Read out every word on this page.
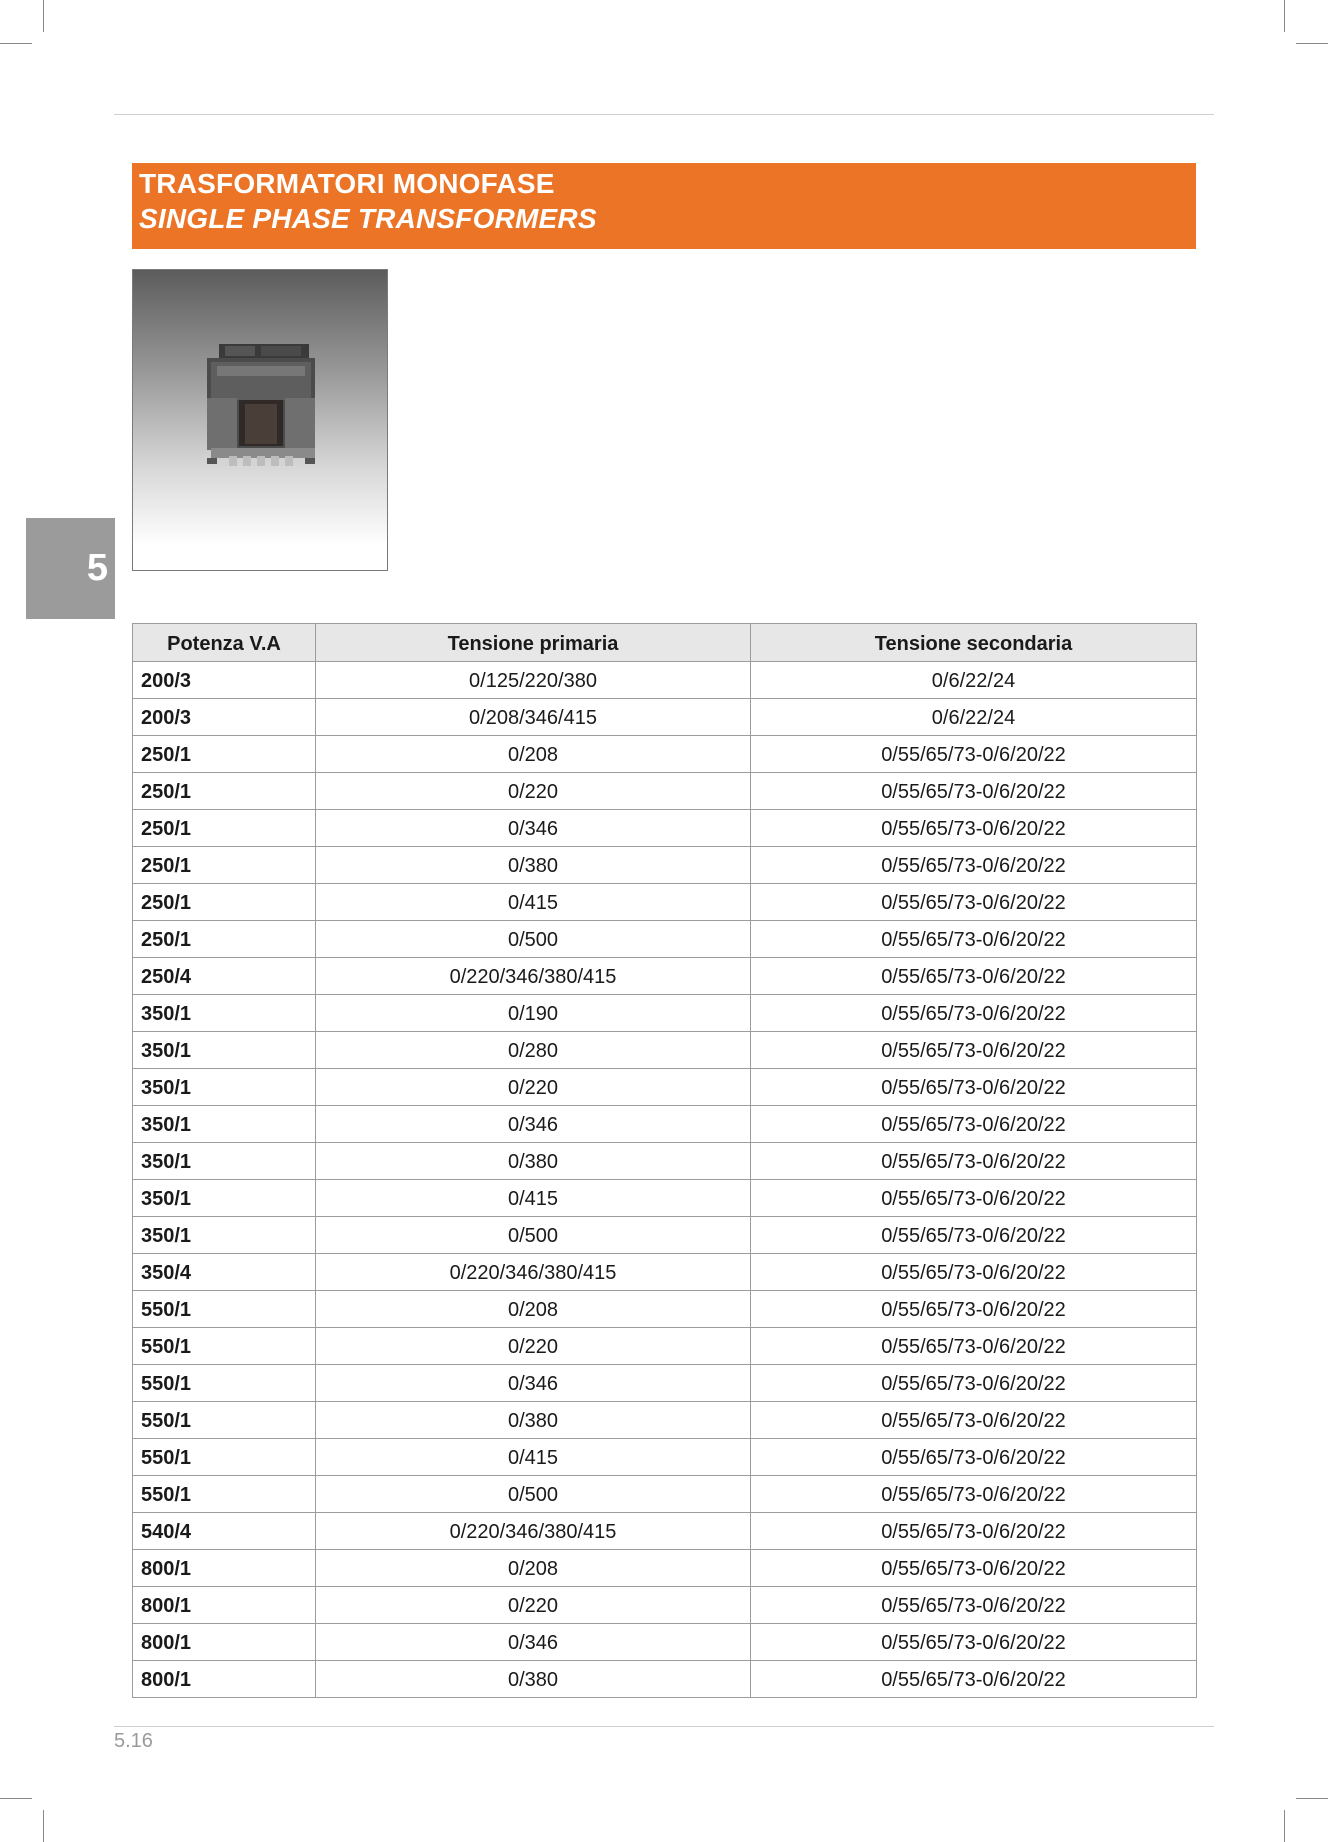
TRASFORMATORI MONOFASE
SINGLE PHASE TRANSFORMERS
5
Potenza V.A	Tensione primaria	Tensione secondaria
200/3	0/125/220/380	0/6/22/24
200/3	0/208/346/415	0/6/22/24
250/1	0/208	0/55/65/73-0/6/20/22
250/1	0/220	0/55/65/73-0/6/20/22
250/1	0/346	0/55/65/73-0/6/20/22
250/1	0/380	0/55/65/73-0/6/20/22
250/1	0/415	0/55/65/73-0/6/20/22
250/1	0/500	0/55/65/73-0/6/20/22
250/4	0/220/346/380/415	0/55/65/73-0/6/20/22
350/1	0/190	0/55/65/73-0/6/20/22
350/1	0/280	0/55/65/73-0/6/20/22
350/1	0/220	0/55/65/73-0/6/20/22
350/1	0/346	0/55/65/73-0/6/20/22
350/1	0/380	0/55/65/73-0/6/20/22
350/1	0/415	0/55/65/73-0/6/20/22
350/1	0/500	0/55/65/73-0/6/20/22
350/4	0/220/346/380/415	0/55/65/73-0/6/20/22
550/1	0/208	0/55/65/73-0/6/20/22
550/1	0/220	0/55/65/73-0/6/20/22
550/1	0/346	0/55/65/73-0/6/20/22
550/1	0/380	0/55/65/73-0/6/20/22
550/1	0/415	0/55/65/73-0/6/20/22
550/1	0/500	0/55/65/73-0/6/20/22
540/4	0/220/346/380/415	0/55/65/73-0/6/20/22
800/1	0/208	0/55/65/73-0/6/20/22
800/1	0/220	0/55/65/73-0/6/20/22
800/1	0/346	0/55/65/73-0/6/20/22
800/1	0/380	0/55/65/73-0/6/20/22
5.16
